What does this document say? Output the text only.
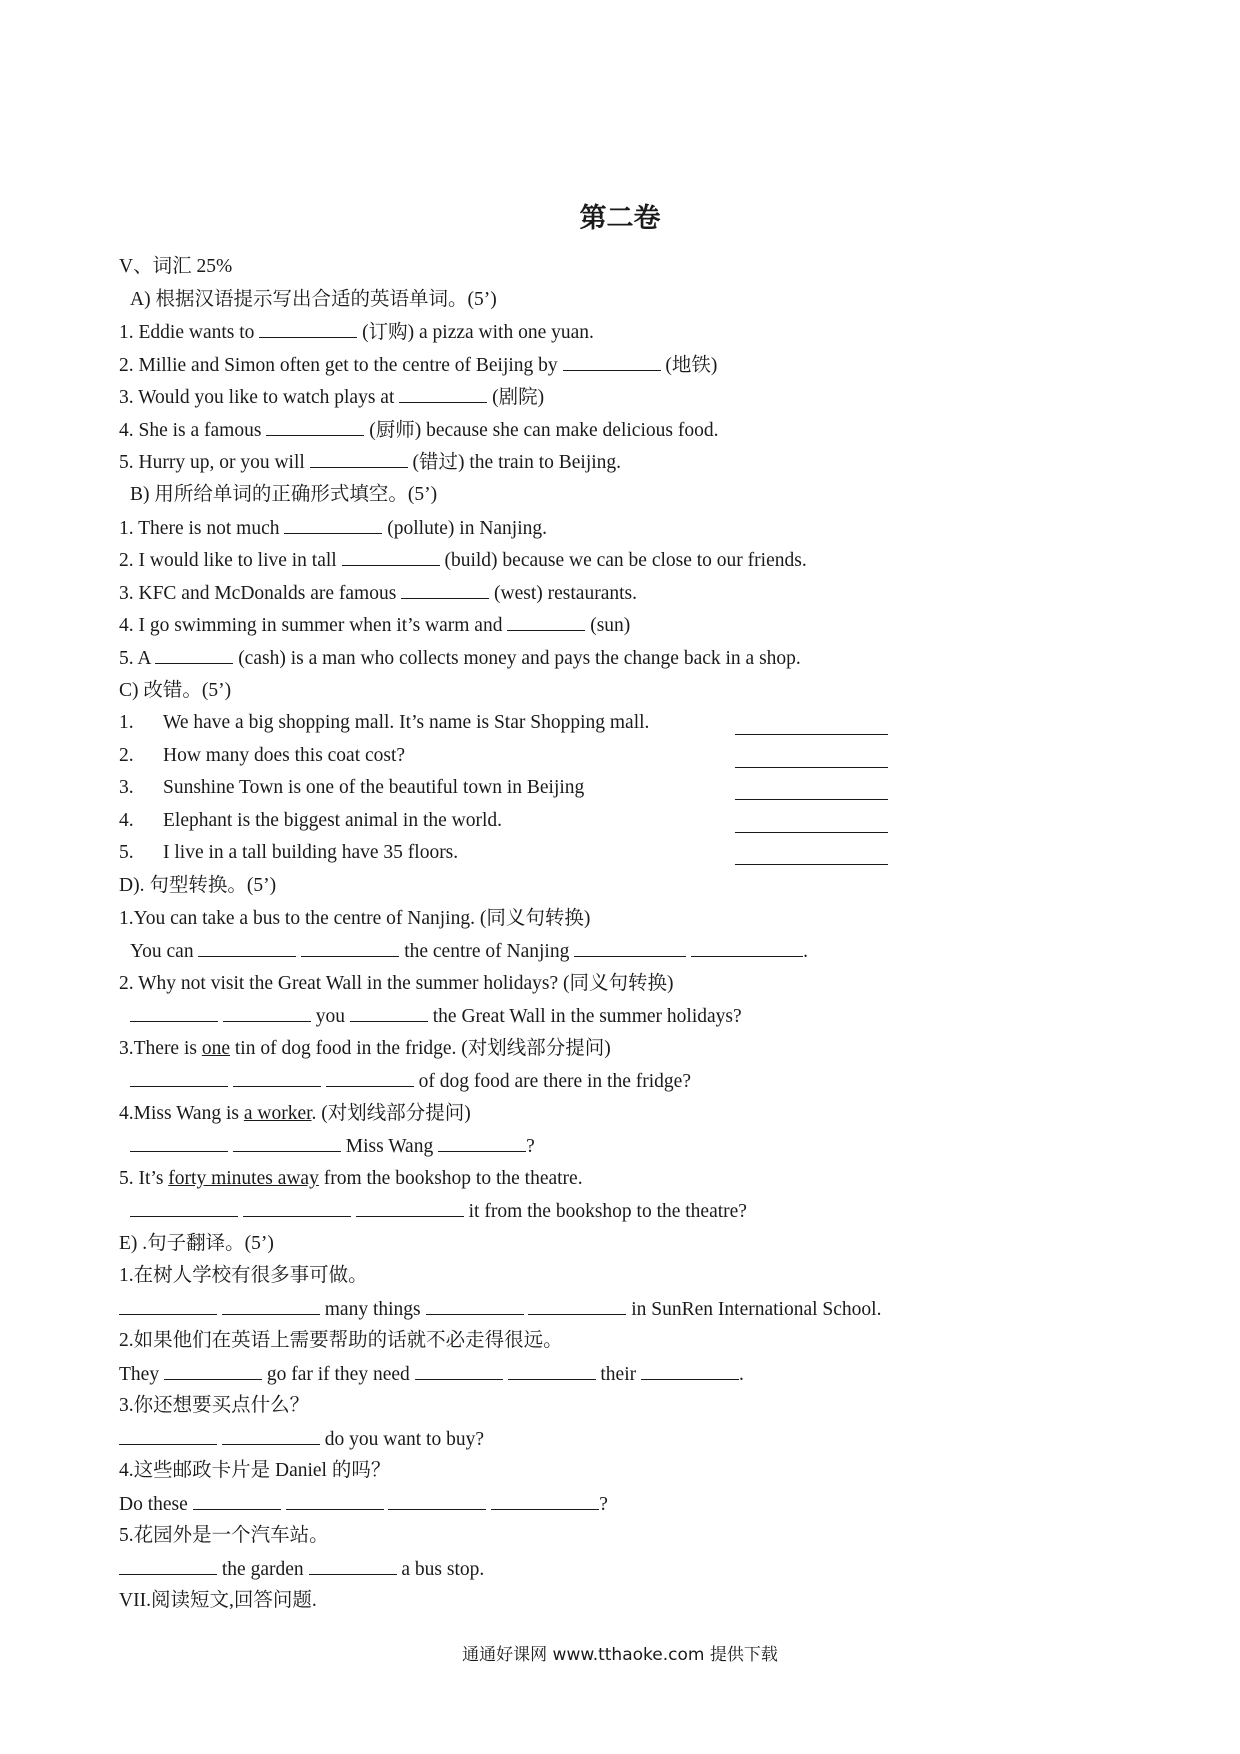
第二卷
V、词汇 25%
A) 根据汉语提示写出合适的英语单词。(5’)
1. Eddie wants to	(订购) a pizza with one yuan.
2. Millie and Simon often get to the centre of Beijing by	(地铁)
3. Would you like to watch plays at	(剧院)
4. She is a famous	(厨师) because she can make delicious food.
5. Hurry up, or you will	(错过) the train to Beijing.
B) 用所给单词的正确形式填空。(5’)
1. There is not much	(pollute) in Nanjing.
2. I would like to live in tall	(build) because we can be close to our friends.
3. KFC and McDonalds are famous	(west) restaurants.
4. I go swimming in summer when it’s warm and	(sun)
5. A	(cash) is a man who collects money and pays the change back in a shop.
C) 改错。(5’)
1. We have a big shopping mall. It’s name is Star Shopping mall.
2. How many does this coat cost?
3. Sunshine Town is one of the beautiful town in Beijing
4. Elephant is the biggest animal in the world.
5. I live in a tall building have 35 floors.
D). 句型转换。(5’)
1.You can take a bus to the centre of Nanjing. (同义句转换)
You can	the centre of Nanjing	.
2. Why not visit the Great Wall in the summer holidays? (同义句转换)
you	the Great Wall in the summer holidays?
3.There is one tin of dog food in the fridge. (对划线部分提问)
of dog food are there in the fridge?
4.Miss Wang is a worker. (对划线部分提问)
Miss Wang	?
5. It’s forty minutes away from the bookshop to the theatre.
it from the bookshop to the theatre?
E) .句子翻译。(5’)
1.在树人学校有很多事可做。
many things	in SunRen International School.
2.如果他们在英语上需要帮助的话就不必走得很远。
They	go far if they need	their	.
3.你还想要买点什么？
do you want to buy?
4.这些邮政卡片是 Daniel 的吗？
Do these	?
5.花园外是一个汽车站。
the garden	a bus stop.
VII.阅读短文,回答问题.
通通好课网 www.tthaoke.com 提供下载
